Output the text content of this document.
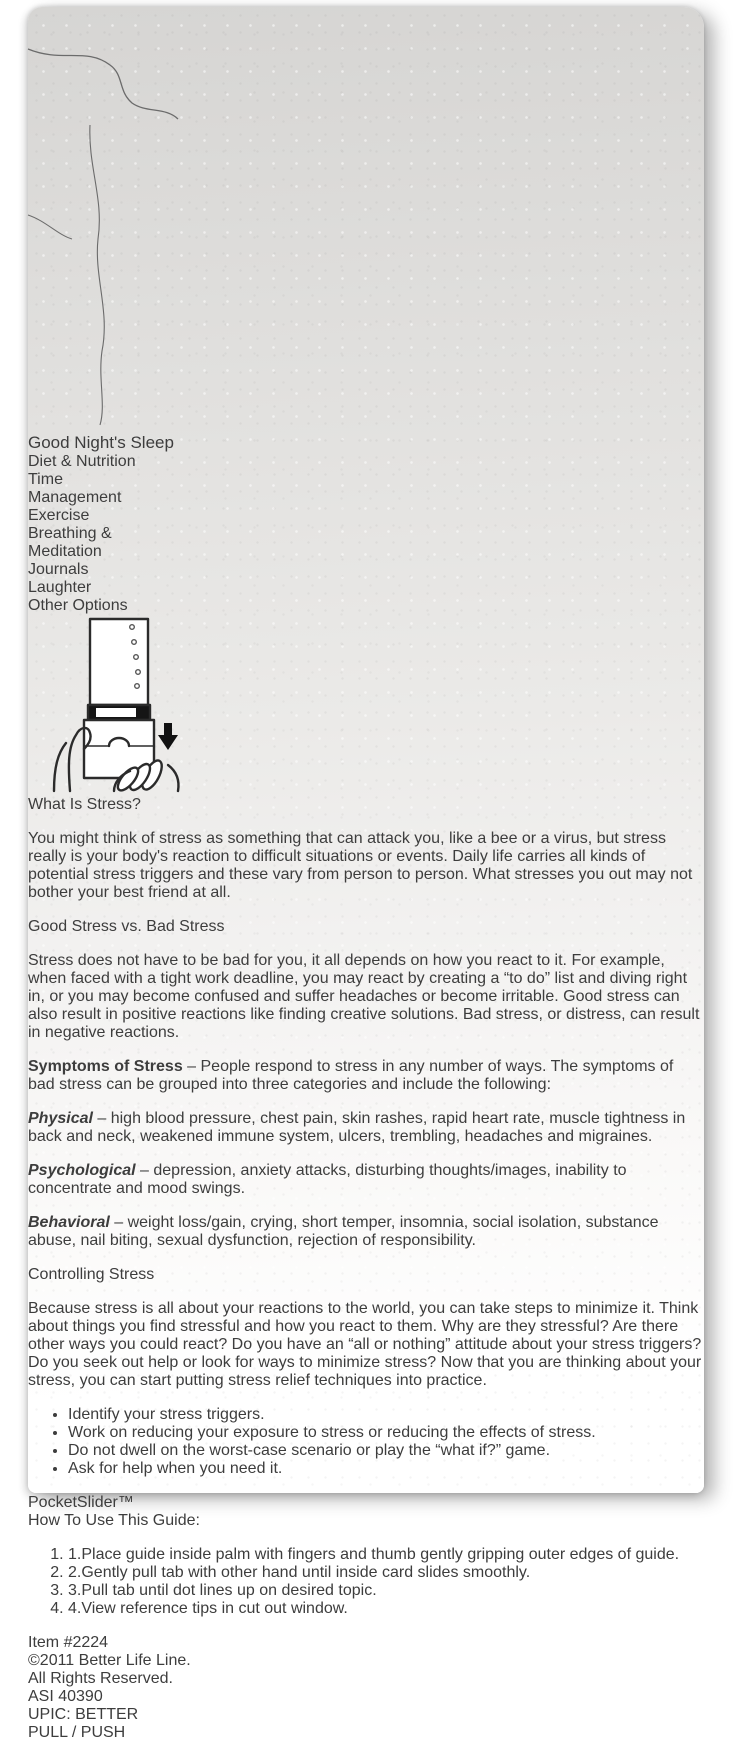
Good Night's Sleep
Diet & Nutrition
Time Management
Exercise
Breathing & Meditation
Journals
Laughter
Other Options
What Is Stress?

You might think of stress as something that can attack you, like a bee or a virus, but stress really is your body's reaction to difficult situations or events. Daily life carries all kinds of potential stress triggers and these vary from person to person. What stresses you out may not bother your best friend at all.

Good Stress vs. Bad Stress

Stress does not have to be bad for you, it all depends on how you react to it. For example, when faced with a tight work deadline, you may react by creating a “to do” list and diving right in, or you may become confused and suffer headaches or become irritable. Good stress can also result in positive reactions like finding creative solutions. Bad stress, or distress, can result in negative reactions.

Symptoms of Stress – People respond to stress in any number of ways. The symptoms of bad stress can be grouped into three categories and include the following:

Physical – high blood pressure, chest pain, skin rashes, rapid heart rate, muscle tightness in back and neck, weakened immune system, ulcers, trembling, headaches and migraines.

Psychological – depression, anxiety attacks, disturbing thoughts/images, inability to concentrate and mood swings.

Behavioral – weight loss/gain, crying, short temper, insomnia, social isolation, substance abuse, nail biting, sexual dysfunction, rejection of responsibility.

Controlling Stress

Because stress is all about your reactions to the world, you can take steps to minimize it. Think about things you find stressful and how you react to them. Why are they stressful? Are there other ways you could react? Do you have an “all or nothing” attitude about your stress triggers? Do you seek out help or look for ways to minimize stress? Now that you are thinking about your stress, you can start putting stress relief techniques into practice.

• Identify your stress triggers.
• Work on reducing your exposure to stress or reducing the effects of stress.
• Do not dwell on the worst-case scenario or play the “what if?” game.
• Ask for help when you need it.
PocketSlider™
How To Use This Guide:
1. 1.Place guide inside palm with fingers and thumb gently gripping outer edges of guide.
2. 2.Gently pull tab with other hand until inside card slides smoothly.
3. 3.Pull tab until dot lines up on desired topic.
4. 4.View reference tips in cut out window.
Item #2224
©2011 Better Life Line.
All Rights Reserved.
ASI 40390
UPIC: BETTER
PULL / PUSH
